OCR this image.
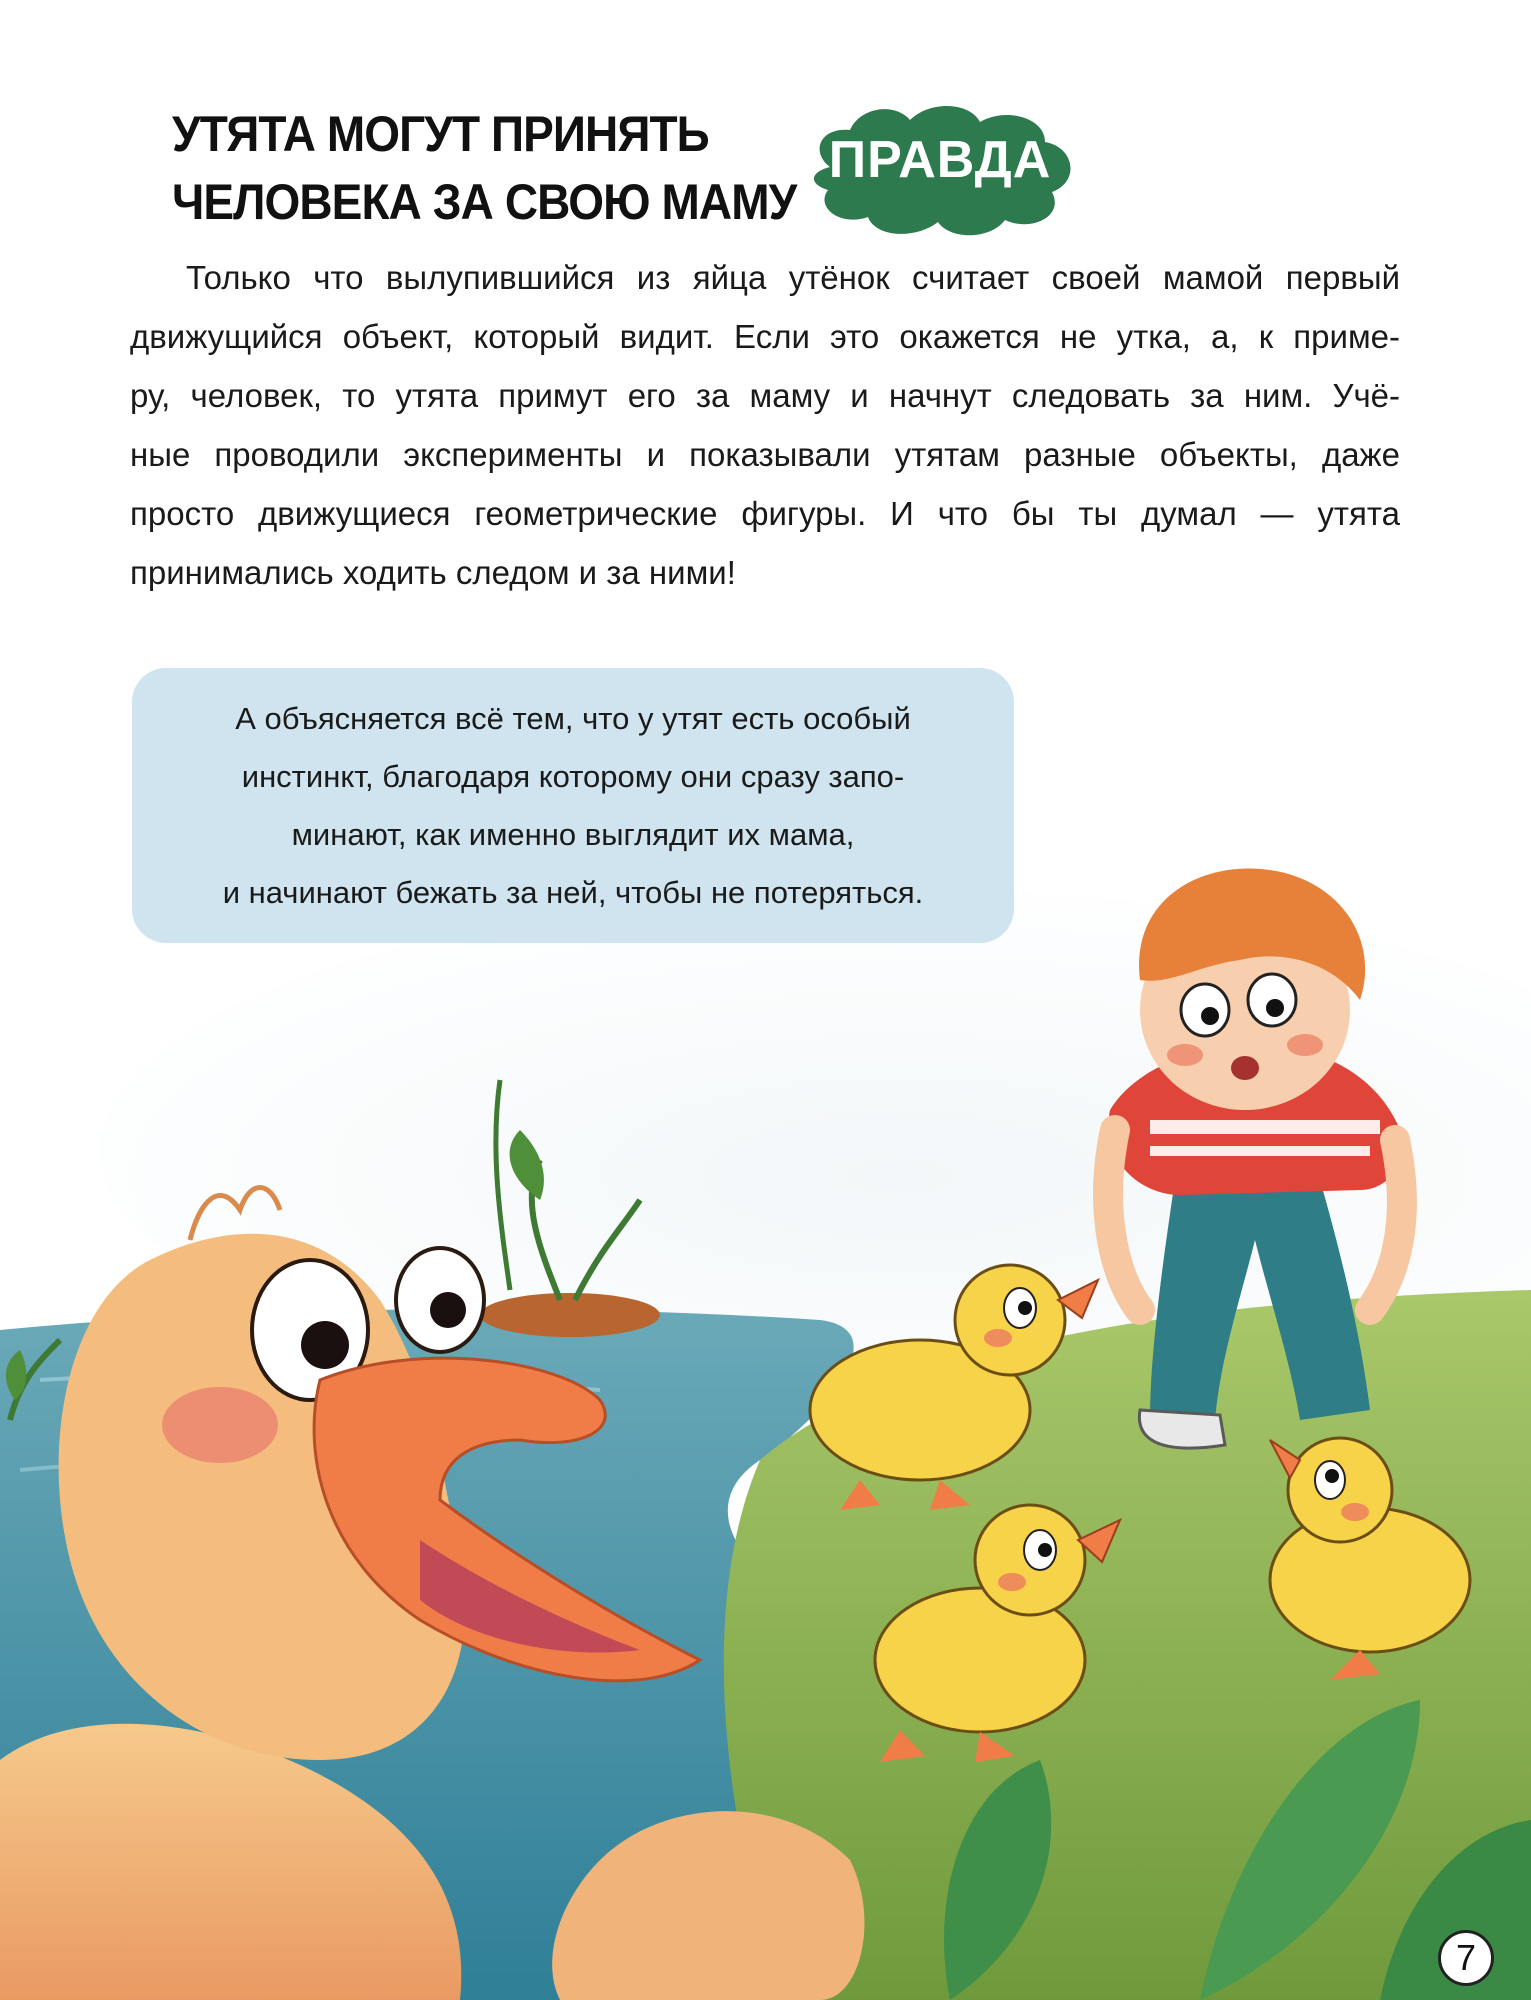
УТЯТА МОГУТ ПРИНЯТЬ
ЧЕЛОВЕКА ЗА СВОЮ МАМУ
ПРАВДА
Только что вылупившийся из яйца утёнок считает своей мамой первый
движущийся объект, который видит. Если это окажется не утка, а, к приме-
ру, человек, то утята примут его за маму и начнут следовать за ним. Учё-
ные проводили эксперименты и показывали утятам разные объекты, даже
просто движущиеся геометрические фигуры. И что бы ты думал — утята
принимались ходить следом и за ними!
А объясняется всё тем, что у утят есть особый
инстинкт, благодаря которому они сразу запо-
минают, как именно выглядит их мама,
и начинают бежать за ней, чтобы не потеряться.
7
